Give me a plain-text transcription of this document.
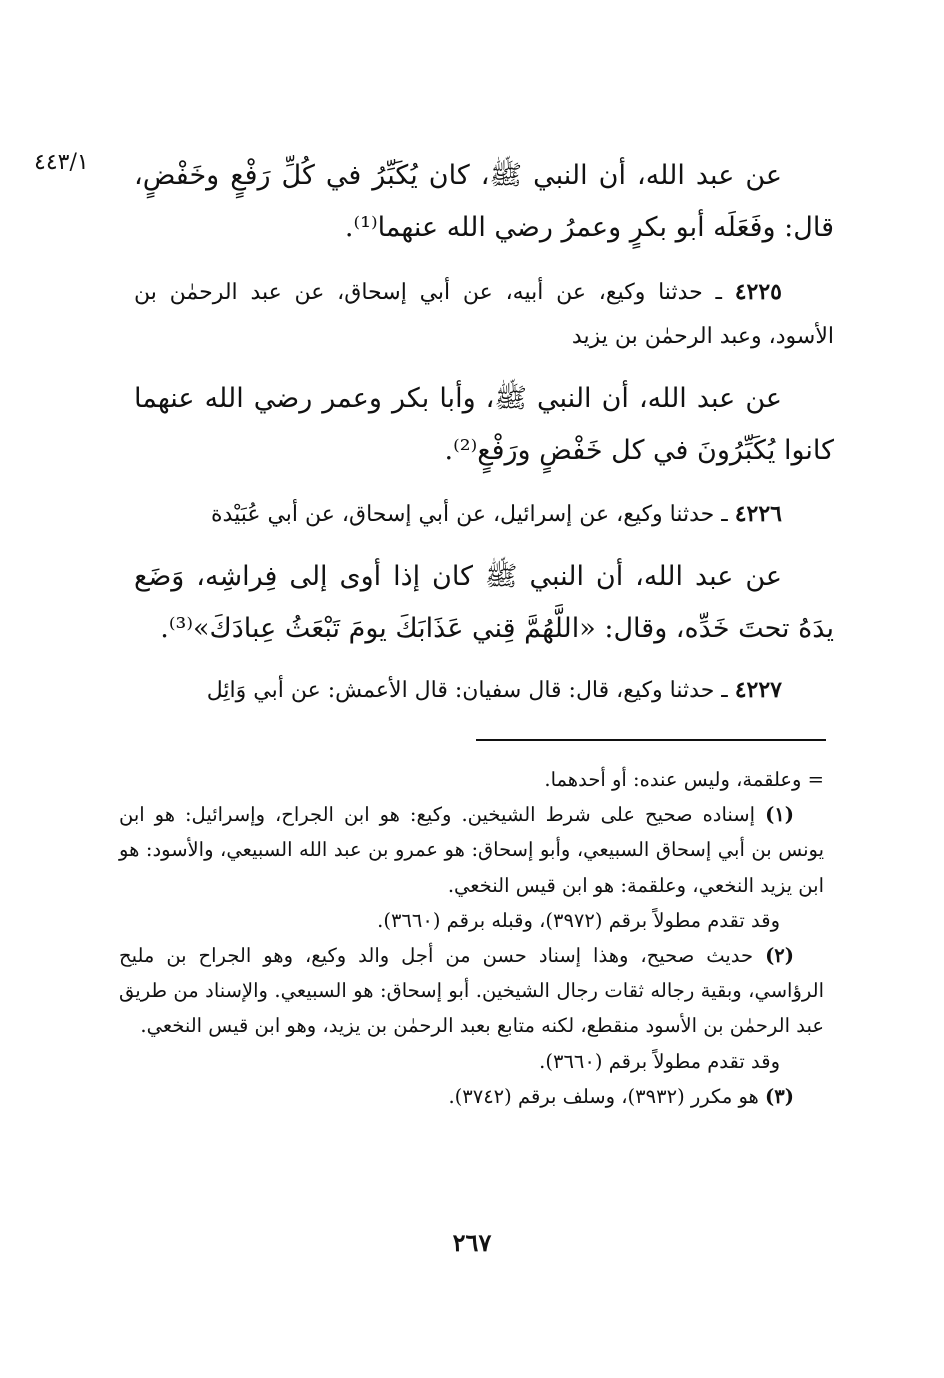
٤٤٣/١ عن عبد الله، أن النبي ﷺ، كان يُكَبِّرُ في كُلِّ رَفْعٍ وخَفْضٍ، قال: وفَعَلَه أبو بكرٍ وعمرُ رضي الله عنهما⁽¹⁾.

٤٢٢٥ ـ حدثنا وكيع، عن أبيه، عن أبي إسحاق، عن عبد الرحمٰن بن الأسود، وعبد الرحمٰن بن يزيد

عن عبد الله، أن النبي ﷺ، وأبا بكر وعمر رضي الله عنهما كانوا يُكَبِّرُونَ في كل خَفْضٍ ورَفْعٍ⁽²⁾.

٤٢٢٦ ـ حدثنا وكيع، عن إسرائيل، عن أبي إسحاق، عن أبي عُبَيْدة

عن عبد الله، أن النبي ﷺ كان إذا أوى إلى فِراشِه، وَضَع يدَهُ تحتَ خَدِّه، وقال: «اللَّهُمَّ قِني عَذَابَكَ يومَ تَبْعَثُ عِبادَكَ»⁽³⁾.

٤٢٢٧ ـ حدثنا وكيع، قال: قال سفيان: قال الأعمش: عن أبي وَائِل

= وعلقمة، وليس عنده: أو أحدهما.

(١) إسناده صحيح على شرط الشيخين. وكيع: هو ابن الجراح، وإسرائيل: هو ابن يونس بن أبي إسحاق السبيعي، وأبو إسحاق: هو عمرو بن عبد الله السبيعي، والأسود: هو ابن يزيد النخعي، وعلقمة: هو ابن قيس النخعي.

وقد تقدم مطولاً برقم (٣٩٧٢)، وقبله برقم (٣٦٦٠).

(٢) حديث صحيح، وهذا إسناد حسن من أجل والد وكيع، وهو الجراح بن مليح الرؤاسي، وبقية رجاله ثقات رجال الشيخين. أبو إسحاق: هو السبيعي. والإسناد من طريق عبد الرحمٰن بن الأسود منقطع، لكنه متابع بعبد الرحمٰن بن يزيد، وهو ابن قيس النخعي.

وقد تقدم مطولاً برقم (٣٦٦٠).

(٣) هو مكرر (٣٩٣٢)، وسلف برقم (٣٧٤٢).

٢٦٧
